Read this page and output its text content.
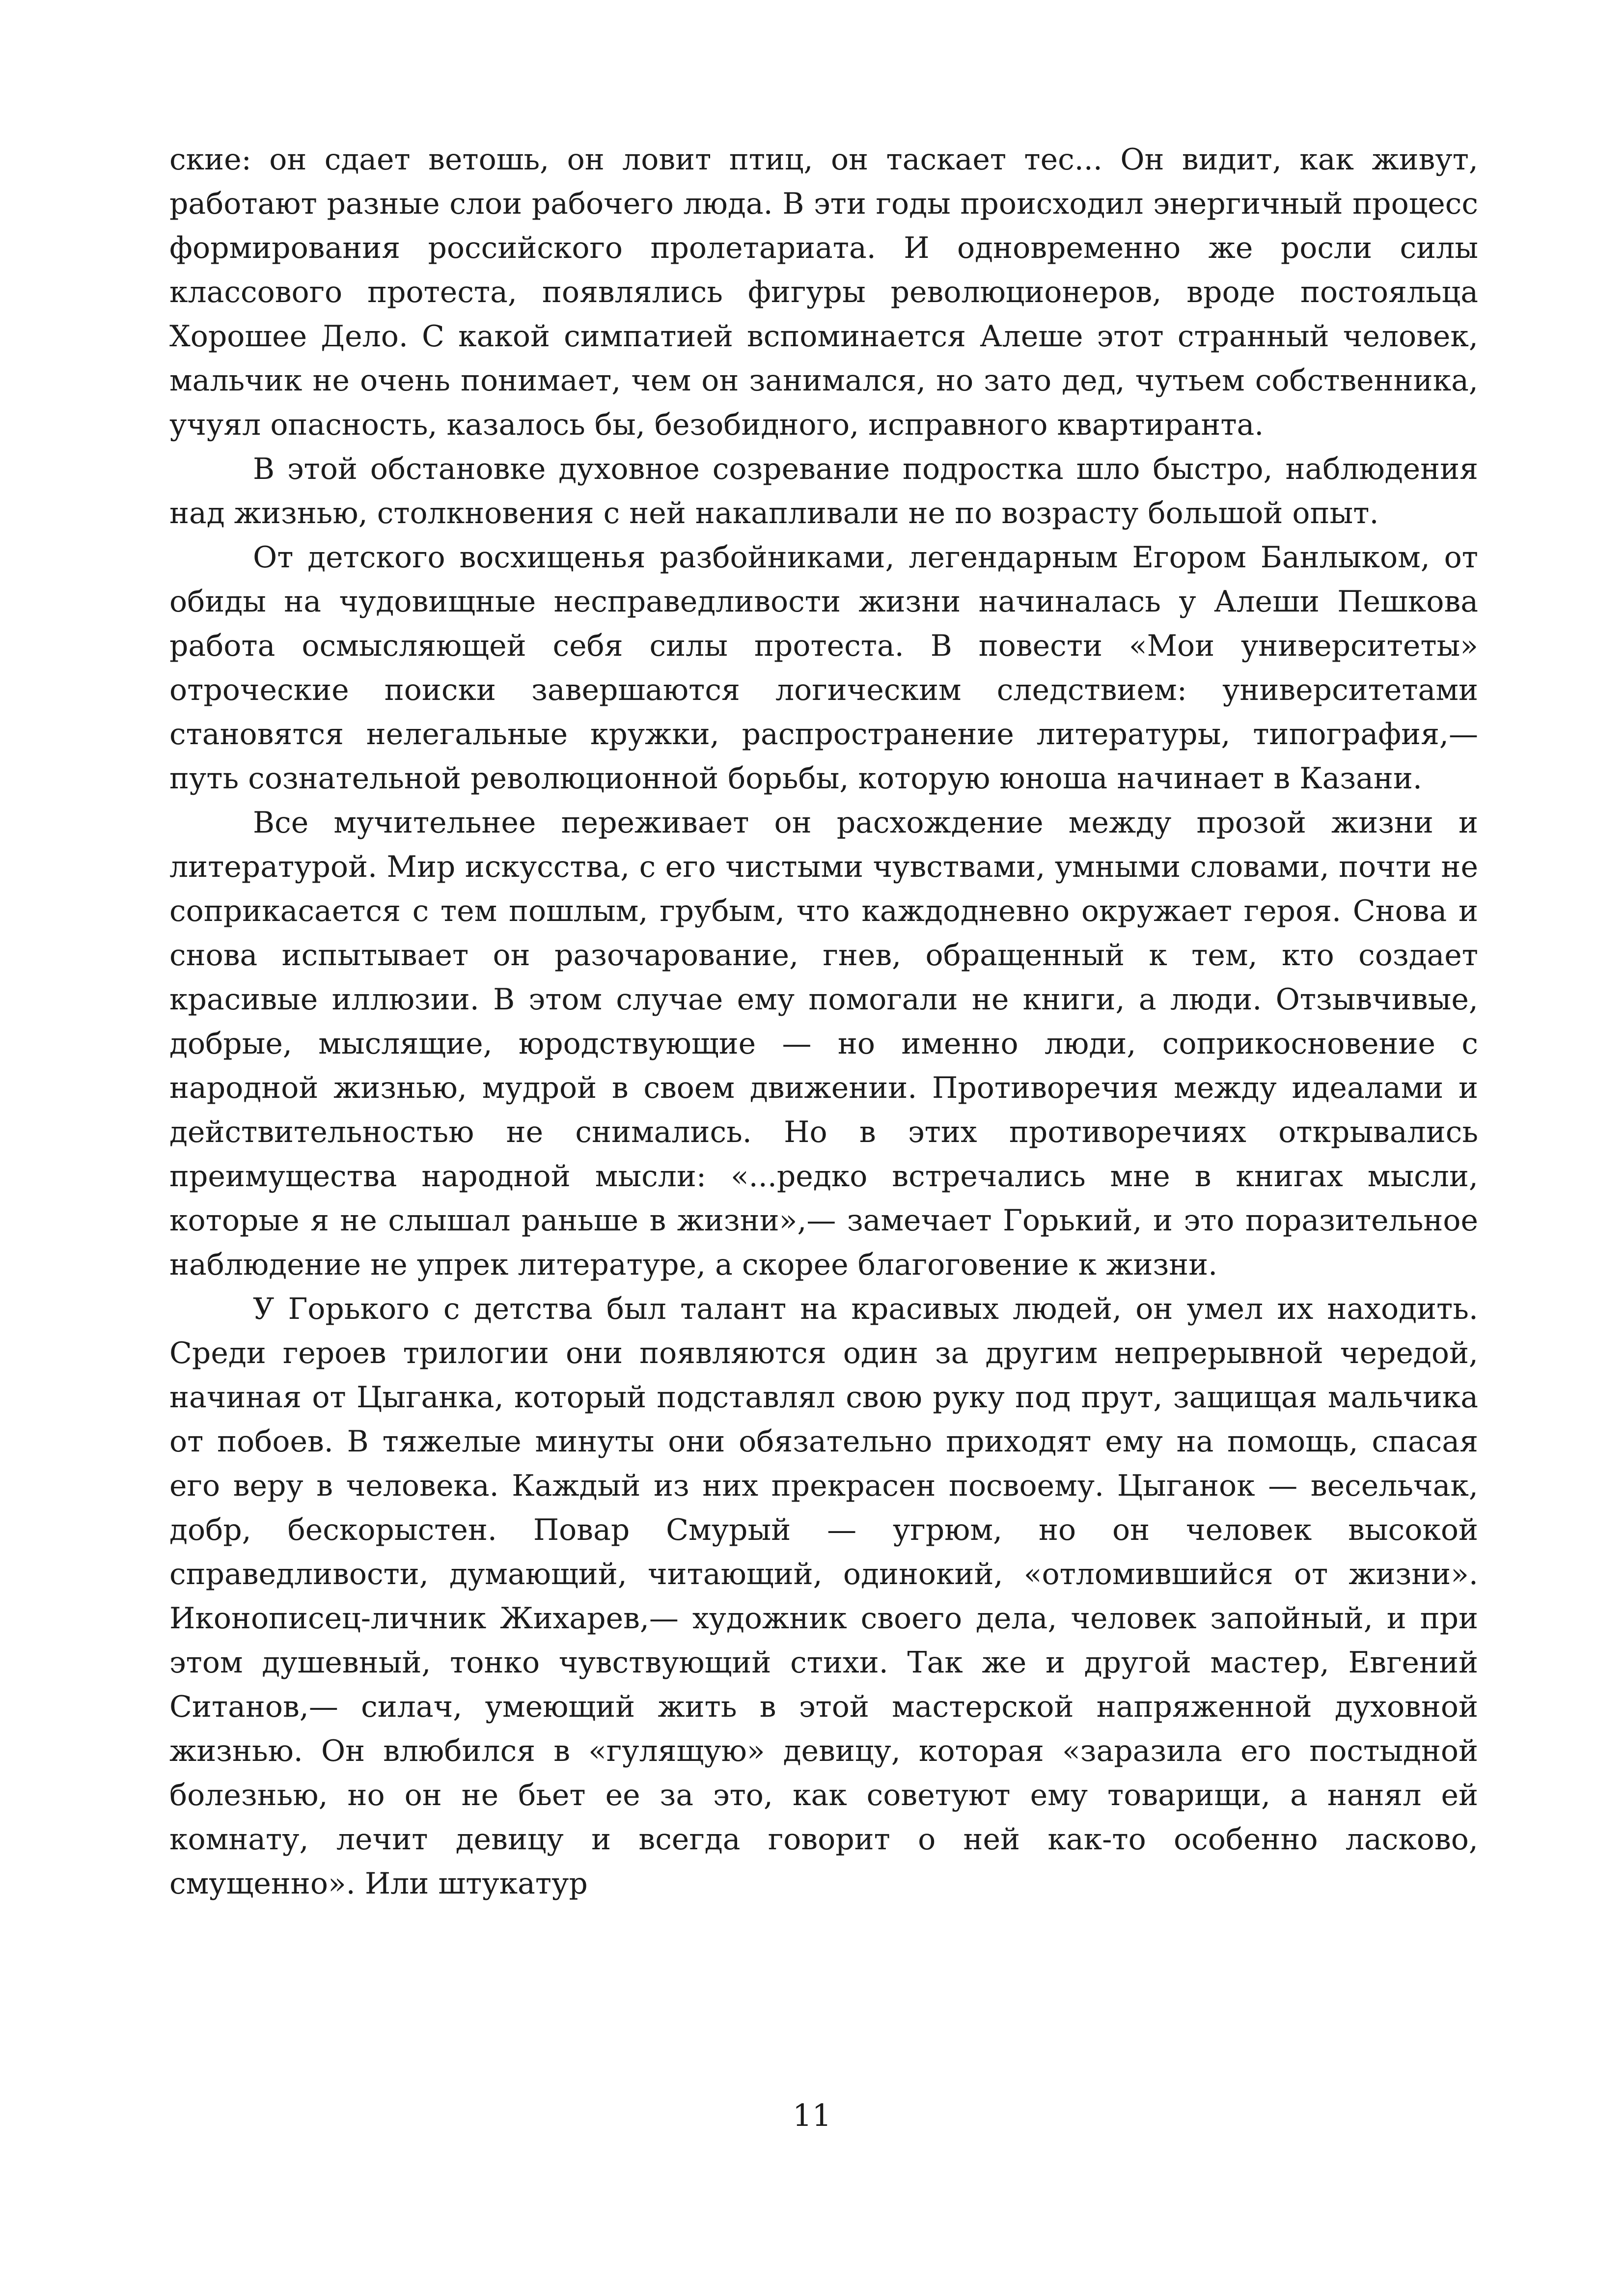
ские: он сдает ветошь, он ловит птиц, он таскает тес... Он видит, как живут, работают разные слои рабочего люда. В эти годы происходил энергичный процесс формирования российского пролетариата. И одновременно же росли силы классового протеста, появлялись фигуры революционеров, вроде постояльца Хорошее Дело. С какой симпатией вспоминается Алеше этот странный человек, мальчик не очень понимает, чем он занимался, но зато дед, чутьем собственника, учуял опасность, казалось бы, безобидного, исправного квартиранта.

В этой обстановке духовное созревание подростка шло быстро, наблюдения над жизнью, столкновения с ней накапливали не по возрасту большой опыт.

От детского восхищенья разбойниками, легендарным Егором Банлыком, от обиды на чудовищные несправедливости жизни начиналась у Алеши Пешкова работа осмысляющей себя силы протеста. В повести «Мои университеты» отроческие поиски завершаются логическим следствием: университетами становятся нелегальные кружки, распространение литературы, типография,— путь сознательной революционной борьбы, которую юноша начинает в Казани.

Все мучительнее переживает он расхождение между прозой жизни и литературой. Мир искусства, с его чистыми чувствами, умными словами, почти не соприкасается с тем пошлым, грубым, что каждодневно окружает героя. Снова и снова испытывает он разочарование, гнев, обращенный к тем, кто создает красивые иллюзии. В этом случае ему помогали не книги, а люди. Отзывчивые, добрые, мыслящие, юродствующие — но именно люди, соприкосновение с народной жизнью, мудрой в своем движении. Противоречия между идеалами и действительностью не снимались. Но в этих противоречиях открывались преимущества народной мысли: «...редко встречались мне в книгах мысли, которые я не слышал раньше в жизни»,— замечает Горький, и это поразительное наблюдение не упрек литературе, а скорее благоговение к жизни.

У Горького с детства был талант на красивых людей, он умел их находить. Среди героев трилогии они появляются один за другим непрерывной чередой, начиная от Цыганка, который подставлял свою руку под прут, защищая мальчика от побоев. В тяжелые минуты они обязательно приходят ему на помощь, спасая его веру в человека. Каждый из них прекрасен посвоему. Цыганок — весельчак, добр, бескорыстен. Повар Смурый — угрюм, но он человек высокой справедливости, думающий, читающий, одинокий, «отломившийся от жизни». Иконописец-личник Жихарев,— художник своего дела, человек запойный, и при этом душевный, тонко чувствующий стихи. Так же и другой мастер, Евгений Ситанов,— силач, умеющий жить в этой мастерской напряженной духовной жизнью. Он влюбился в «гулящую» девицу, которая «заразила его постыдной болезнью, но он не бьет ее за это, как советуют ему товарищи, а нанял ей комнату, лечит девицу и всегда говорит о ней как-то особенно ласково, смущенно». Или штукатур

11
